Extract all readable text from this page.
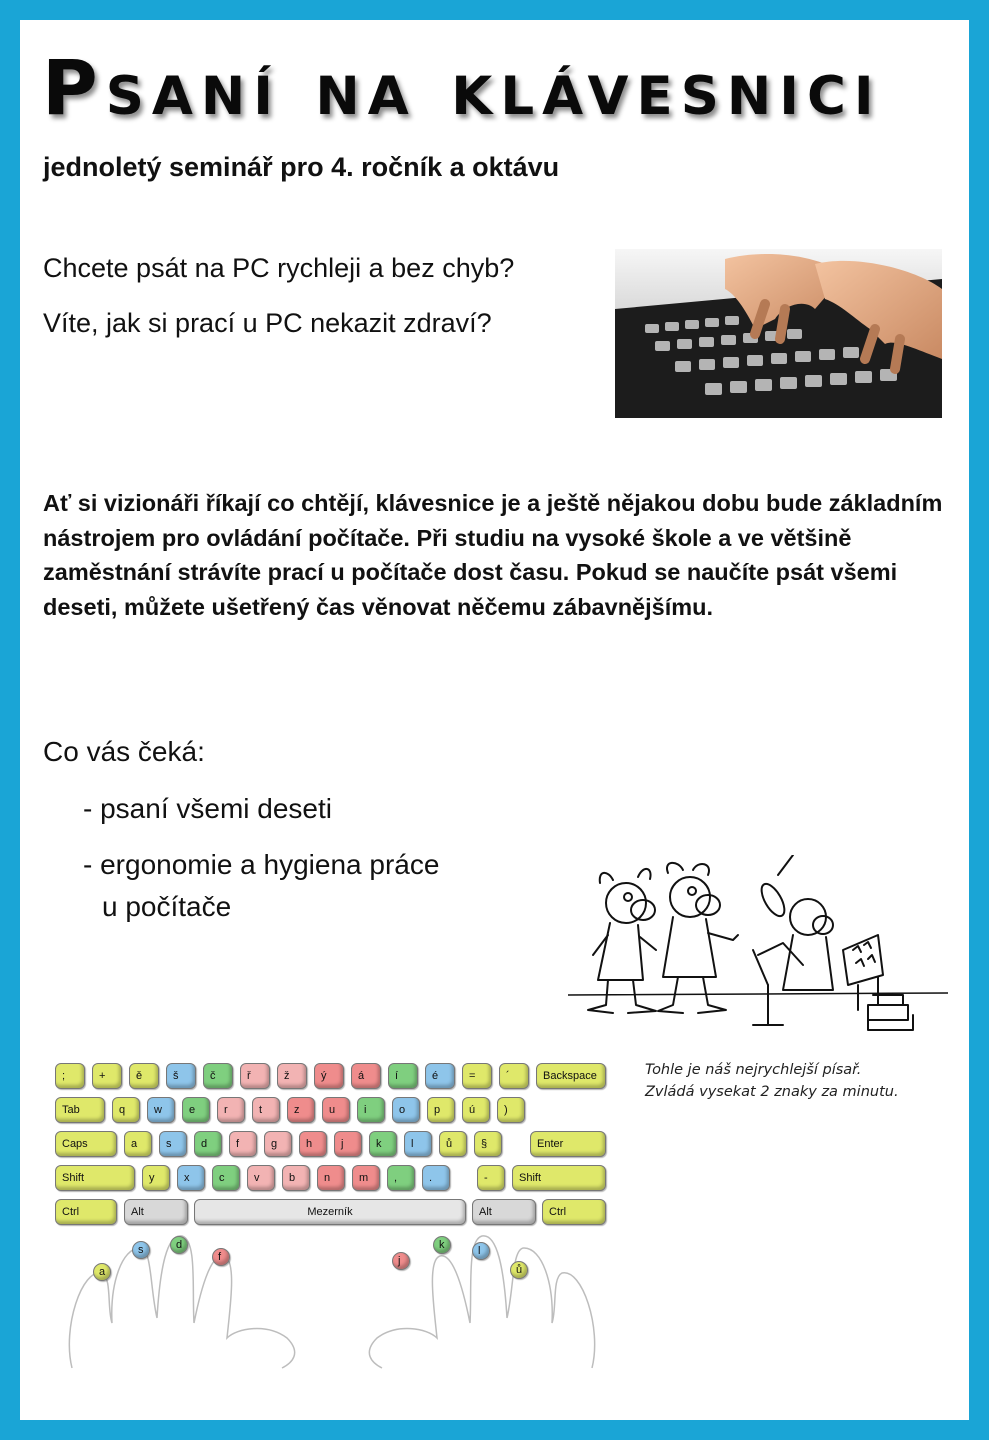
Psaní na klávesnici
jednoletý seminář pro 4. ročník a oktávu
Chcete psát na PC rychleji a bez chyb?
Víte, jak si prací u PC nekazit zdraví?
Ať si vizionáři říkají co chtějí, klávesnice je a ještě nějakou dobu bude základním nástrojem pro ovládání počítače. Při studiu na vysoké škole a ve většině zaměstnání strávíte prací u počítače dost času. Pokud se naučíte psát všemi deseti, můžete ušetřený čas věnovat něčemu zábavnějšímu.
Co vás čeká:
- psaní všemi deseti
- ergonomie a hygiena práce
u počítače
Tohle je náš nejrychlejší písař.
Zvládá vysekat 2 znaky za minutu.
;	+	ě	š	č	ř	ž	ý	á	í	é	=	´	Backspace
Tab	q	w	e	r	t	z	u	i	o	p	ú	)
Caps	a	s	d	f	g	h	j	k	l	ů	§	Enter
Shift	y	x	c	v	b	n	m	,	.	-	Shift
Ctrl	Alt	Mezerník	Alt	Ctrl
a
s	d
f	j
k	l
ů
